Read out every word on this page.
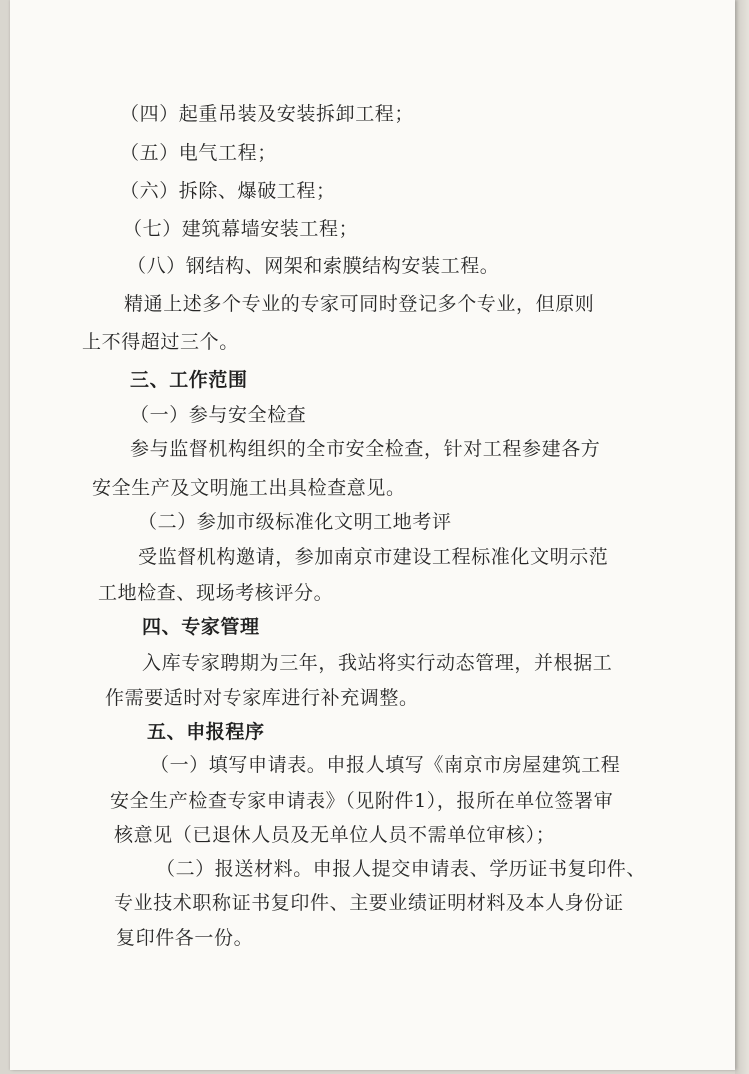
（四）起重吊装及安装拆卸工程；
（五）电气工程；
（六）拆除、爆破工程；
（七）建筑幕墙安装工程；
（八）钢结构、网架和索膜结构安装工程。
精通上述多个专业的专家可同时登记多个专业，但原则
上不得超过三个。
三、工作范围
（一）参与安全检查
参与监督机构组织的全市安全检查，针对工程参建各方
安全生产及文明施工出具检查意见。
（二）参加市级标准化文明工地考评
受监督机构邀请，参加南京市建设工程标准化文明示范
工地检查、现场考核评分。
四、专家管理
入库专家聘期为三年，我站将实行动态管理，并根据工
作需要适时对专家库进行补充调整。
五、申报程序
（一）填写申请表。申报人填写《南京市房屋建筑工程
安全生产检查专家申请表》（见附件1），报所在单位签署审
核意见（已退休人员及无单位人员不需单位审核）；
（二）报送材料。申报人提交申请表、学历证书复印件、
专业技术职称证书复印件、主要业绩证明材料及本人身份证
复印件各一份。
